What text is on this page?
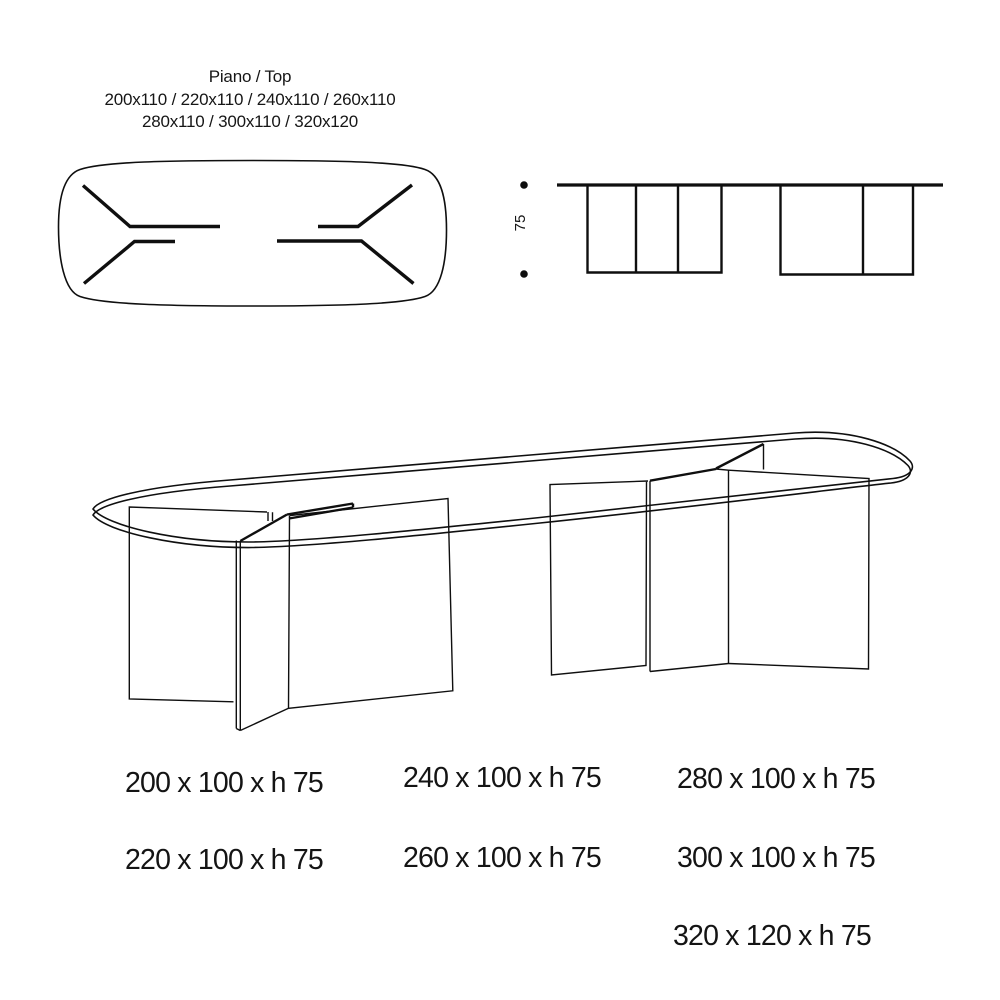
Piano / Top
200x110 / 220x110 / 240x110 / 260x110
280x110 / 300x110 / 320x120
75
200 x 100 x h 75	240 x 100 x h 75	280 x 100 x h 75
220 x 100 x h 75	260 x 100 x h 75	300 x 100 x h 75
320 x 120 x h 75
